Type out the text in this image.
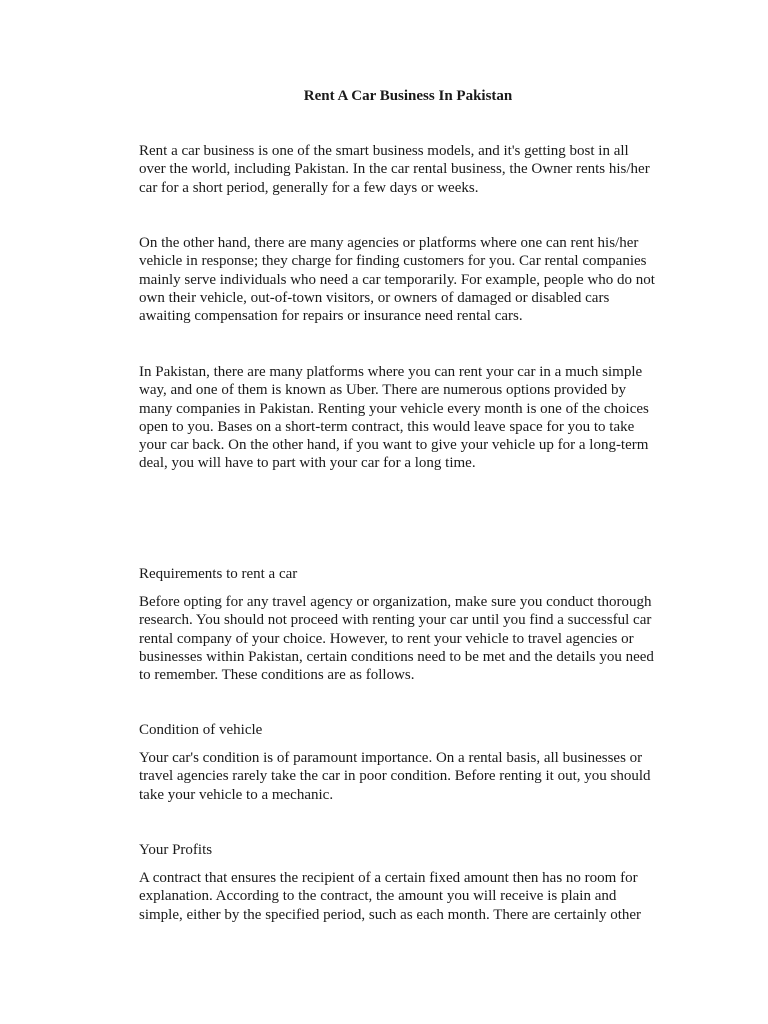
Rent A Car Business In Pakistan

Rent a car business is one of the smart business models, and it's getting bost in all
over the world, including Pakistan. In the car rental business, the Owner rents his/her
car for a short period, generally for a few days or weeks.

On the other hand, there are many agencies or platforms where one can rent his/her
vehicle in response; they charge for finding customers for you. Car rental companies
mainly serve individuals who need a car temporarily. For example, people who do not
own their vehicle, out-of-town visitors, or owners of damaged or disabled cars
awaiting compensation for repairs or insurance need rental cars.

In Pakistan, there are many platforms where you can rent your car in a much simple
way, and one of them is known as Uber. There are numerous options provided by
many companies in Pakistan. Renting your vehicle every month is one of the choices
open to you. Bases on a short-term contract, this would leave space for you to take
your car back. On the other hand, if you want to give your vehicle up for a long-term
deal, you will have to part with your car for a long time.

Requirements to rent a car

Before opting for any travel agency or organization, make sure you conduct thorough
research. You should not proceed with renting your car until you find a successful car
rental company of your choice. However, to rent your vehicle to travel agencies or
businesses within Pakistan, certain conditions need to be met and the details you need
to remember. These conditions are as follows.

Condition of vehicle

Your car's condition is of paramount importance. On a rental basis, all businesses or
travel agencies rarely take the car in poor condition. Before renting it out, you should
take your vehicle to a mechanic.

Your Profits

A contract that ensures the recipient of a certain fixed amount then has no room for
explanation. According to the contract, the amount you will receive is plain and
simple, either by the specified period, such as each month. There are certainly other
